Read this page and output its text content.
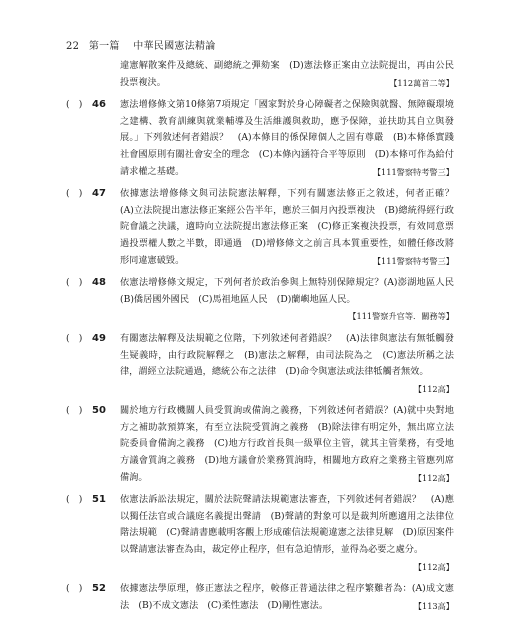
22 第一篇 中華民國憲法精論
違憲解散案件及總統、副總統之彈劾案　(D)憲法修正案由立法院提出，再由公民投票複決。	【112萬首二等】
(　) 46 憲法增修條文第10條第7項規定「國家對於身心障礙者之保險與就醫、無障礙環境之建構、教育訓練與就業輔導及生活維護與救助，應予保障，並扶助其自立與發展。」下列敘述何者錯誤？　(A)本條目的係保障個人之固有尊嚴　(B)本條係實踐社會國原則有關社會安全的理念　(C)本條內涵符合平等原則　(D)本條可作為給付請求權之基礎。	【111警察特考警三】
(　) 47 依據憲法增修條文與司法院憲法解釋，下列有關憲法修正之敘述，何者正確？　(A)立法院提出憲法修正案經公告半年，應於三個月內投票複決　(B)總統得經行政院會議之決議，適時向立法院提出憲法修正案　(C)修正案複決投票，有效同意票過投票權人數之半數，即通過　(D)增修條文之前言具本質重要性，如體任修改將形同違憲破毀。	【111警察特考警三】
(　) 48 依憲法增修條文規定，下列何者於政治參與上無特別保障規定？(A)澎湖地區人民　(B)僑居國外國民　(C)馬祖地區人民　(D)蘭嶼地區人民。
【111警察升官等．關務等】
(　) 49 有關憲法解釋及法規範之位階，下列敘述何者錯誤？　(A)法律與憲法有無牴觸發生疑義時，由行政院解釋之　(B)憲法之解釋，由司法院為之　(C)憲法所稱之法律，謂經立法院通過，總統公布之法律　(D)命令與憲法或法律牴觸者無效。
【112高】
(　) 50 關於地方行政機關人員受質詢或備詢之義務，下列敘述何者錯誤？(A)就中央對地方之補助款預算案，有至立法院受質詢之義務　(B)除法律有明定外，無出席立法院委員會備詢之義務　(C)地方行政首長與一級單位主管，就其主管業務，有受地方議會質詢之義務　(D)地方議會於業務質詢時，相關地方政府之業務主管應列席備詢。	【112高】
(　) 51 依憲法訴訟法規定，關於法院聲請法規範憲法審查，下列敘述何者錯誤？　(A)應以獨任法官或合議庭名義提出聲請　(B)聲請的對象可以是裁判所應適用之法律位階法規範　(C)聲請書應載明客觀上形成確信法規範違憲之法律見解　(D)原因案件以聲請憲法審查為由，裁定停止程序，但有急迫情形，並得為必要之處分。
【112高】
(　) 52 依據憲法學原理，修正憲法之程序，較修正普通法律之程序繁難者為：(A)成文憲法　(B)不成文憲法　(C)柔性憲法　(D)剛性憲法。	【113高】
